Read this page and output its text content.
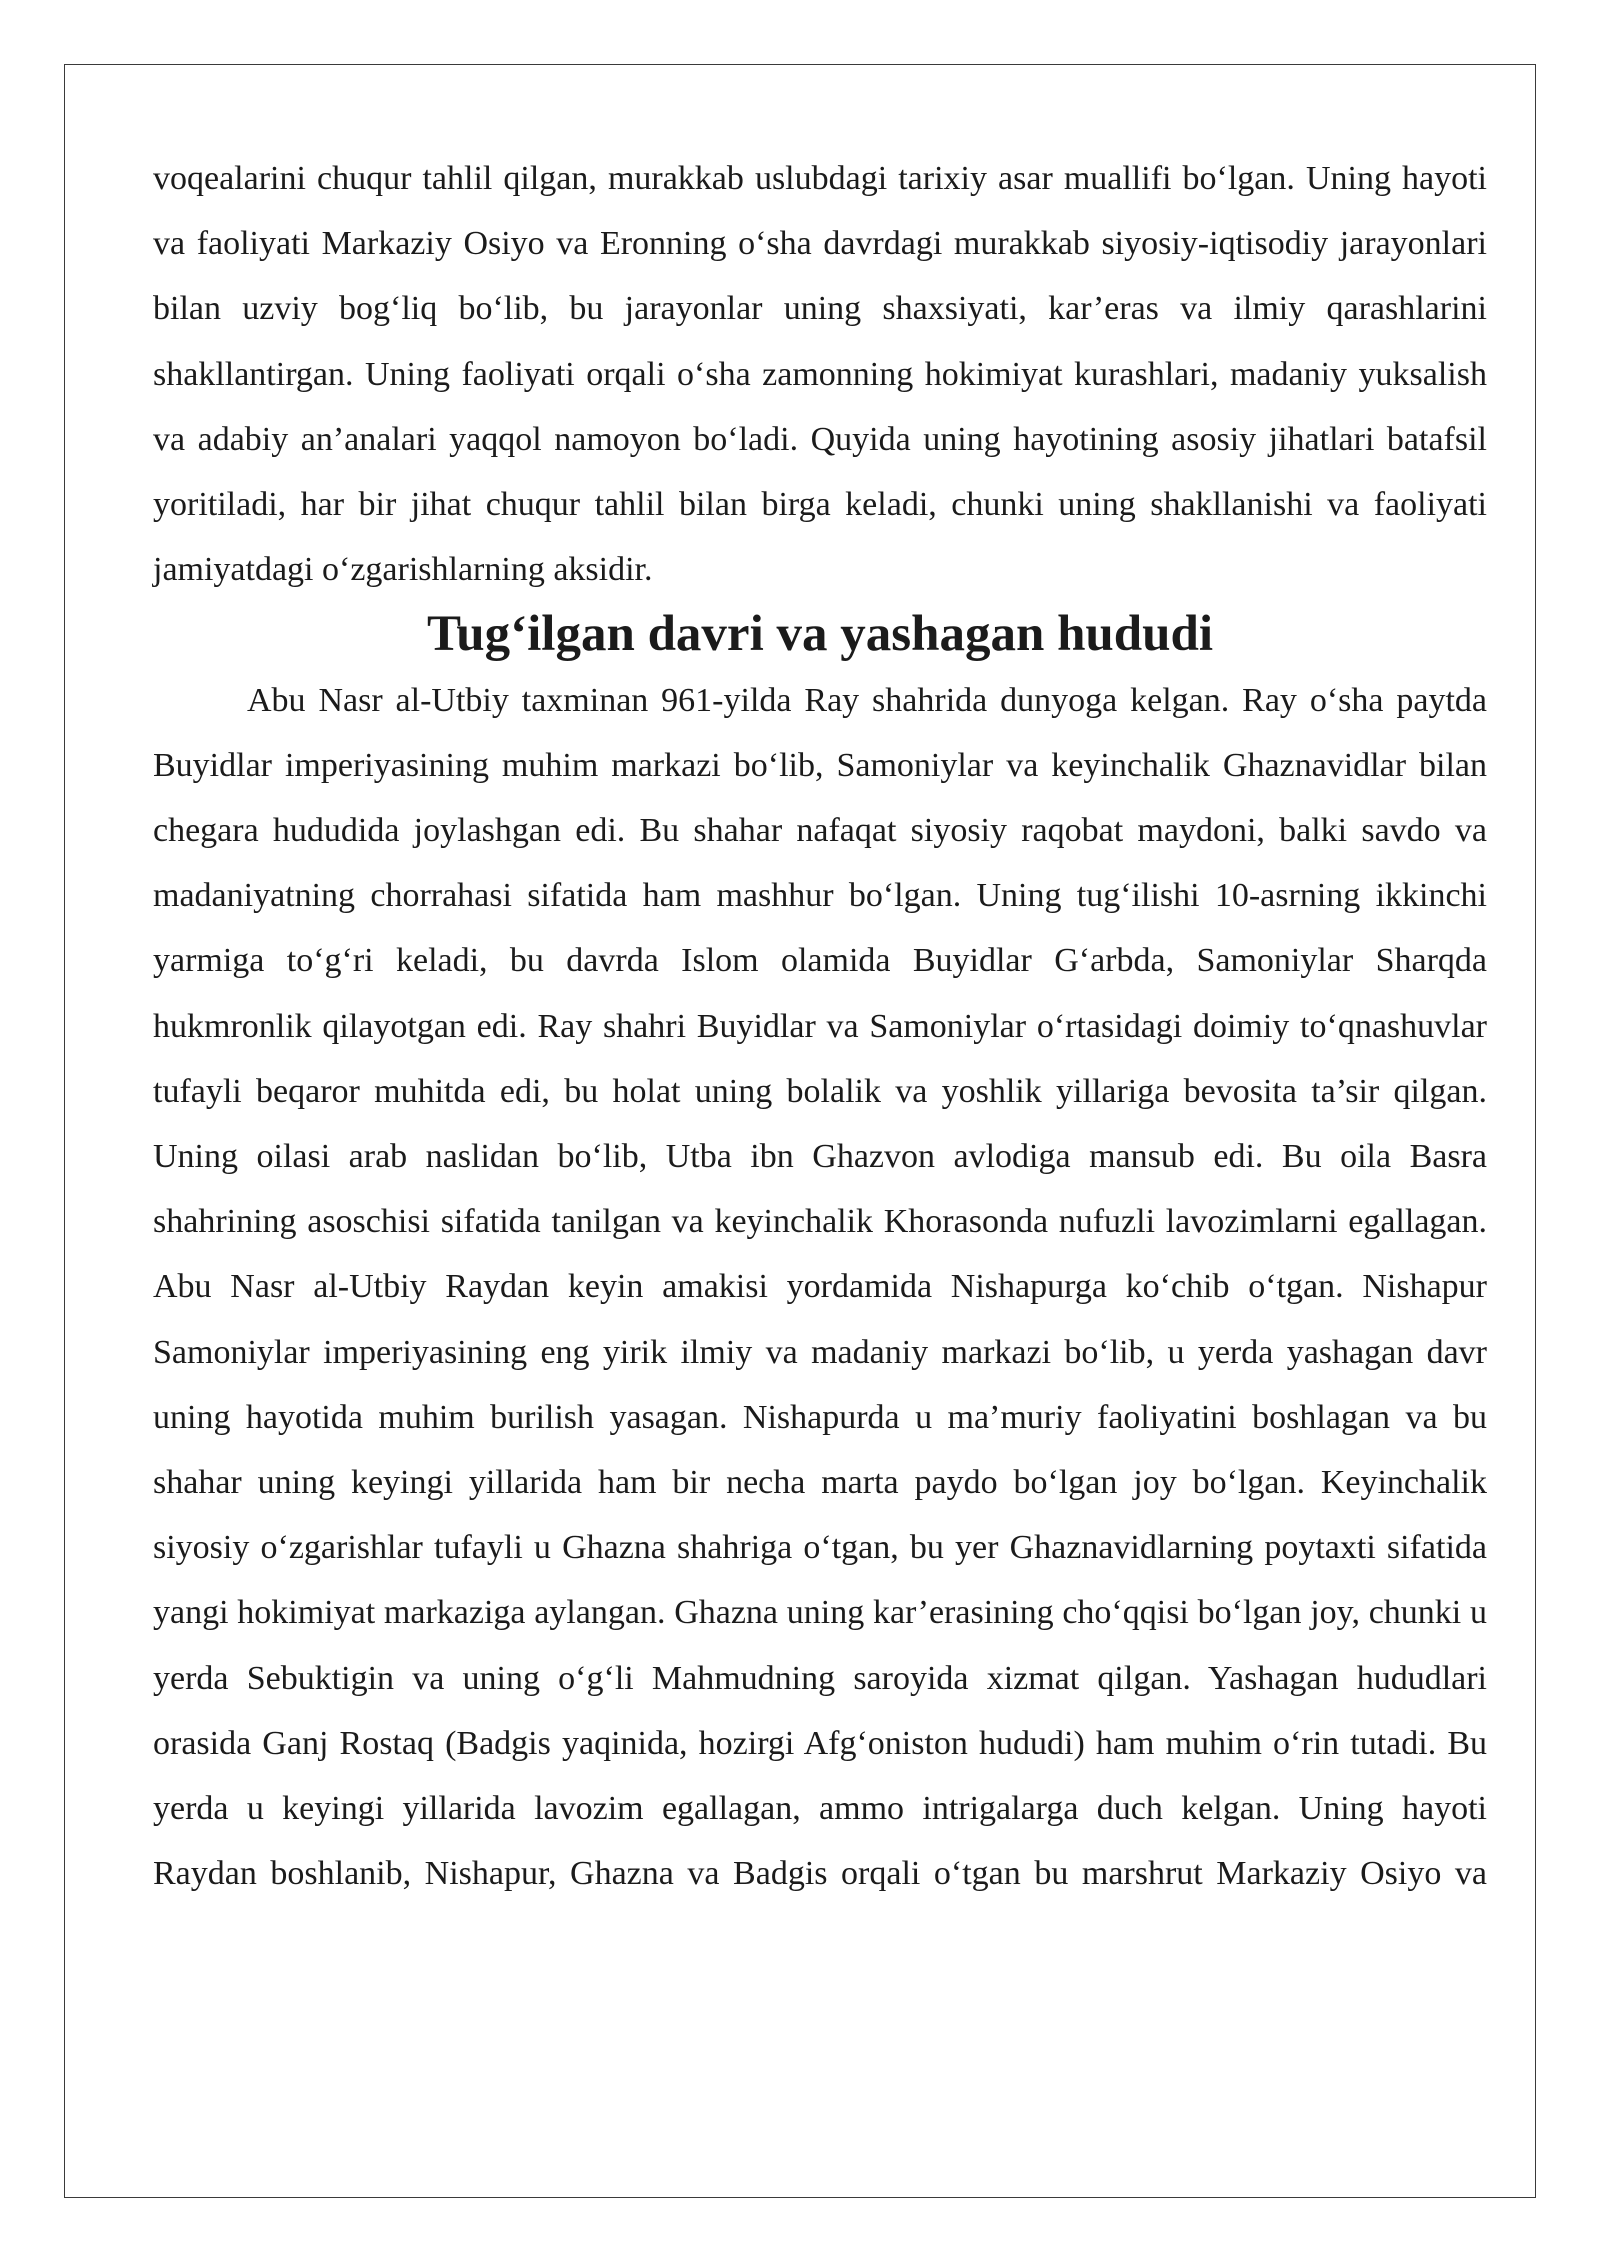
voqealarini chuqur tahlil qilgan, murakkab uslubdagi tarixiy asar muallifi bo‘lgan. Uning hayoti va faoliyati Markaziy Osiyo va Eronning o‘sha davrdagi murakkab siyosiy-iqtisodiy jarayonlari bilan uzviy bog‘liq bo‘lib, bu jarayonlar uning shaxsiyati, kar’eras va ilmiy qarashlarini shakllantirgan. Uning faoliyati orqali o‘sha zamonning hokimiyat kurashlari, madaniy yuksalish va adabiy an’analari yaqqol namoyon bo‘ladi. Quyida uning hayotining asosiy jihatlari batafsil yoritiladi, har bir jihat chuqur tahlil bilan birga keladi, chunki uning shakllanishi va faoliyati jamiyatdagi o‘zgarishlarning aksidir.

Tug‘ilgan davri va yashagan hududi

Abu Nasr al-Utbiy taxminan 961-yilda Ray shahrida dunyoga kelgan. Ray o‘sha paytda Buyidlar imperiyasining muhim markazi bo‘lib, Samoniylar va keyinchalik Ghaznavidlar bilan chegara hududida joylashgan edi. Bu shahar nafaqat siyosiy raqobat maydoni, balki savdo va madaniyatning chorrahasi sifatida ham mashhur bo‘lgan. Uning tug‘ilishi 10-asrning ikkinchi yarmiga to‘g‘ri keladi, bu davrda Islom olamida Buyidlar G‘arbda, Samoniylar Sharqda hukmronlik qilayotgan edi. Ray shahri Buyidlar va Samoniylar o‘rtasidagi doimiy to‘qnashuvlar tufayli beqaror muhitda edi, bu holat uning bolalik va yoshlik yillariga bevosita ta’sir qilgan. Uning oilasi arab naslidan bo‘lib, Utba ibn Ghazvon avlodiga mansub edi. Bu oila Basra shahrining asoschisi sifatida tanilgan va keyinchalik Khorasonda nufuzli lavozimlarni egallagan. Abu Nasr al-Utbiy Raydan keyin amakisi yordamida Nishapurga ko‘chib o‘tgan. Nishapur Samoniylar imperiyasining eng yirik ilmiy va madaniy markazi bo‘lib, u yerda yashagan davr uning hayotida muhim burilish yasagan. Nishapurda u ma’muriy faoliyatini boshlagan va bu shahar uning keyingi yillarida ham bir necha marta paydo bo‘lgan joy bo‘lgan. Keyinchalik siyosiy o‘zgarishlar tufayli u Ghazna shahriga o‘tgan, bu yer Ghaznavidlarning poytaxti sifatida yangi hokimiyat markaziga aylangan. Ghazna uning kar’erasining cho‘qqisi bo‘lgan joy, chunki u yerda Sebuktigin va uning o‘g‘li Mahmudning saroyida xizmat qilgan. Yashagan hududlari orasida Ganj Rostaq (Badgis yaqinida, hozirgi Afg‘oniston hududi) ham muhim o‘rin tutadi. Bu yerda u keyingi yillarida lavozim egallagan, ammo intrigalarga duch kelgan. Uning hayoti Raydan boshlanib, Nishapur, Ghazna va Badgis orqali o‘tgan bu marshrut Markaziy Osiyo va
